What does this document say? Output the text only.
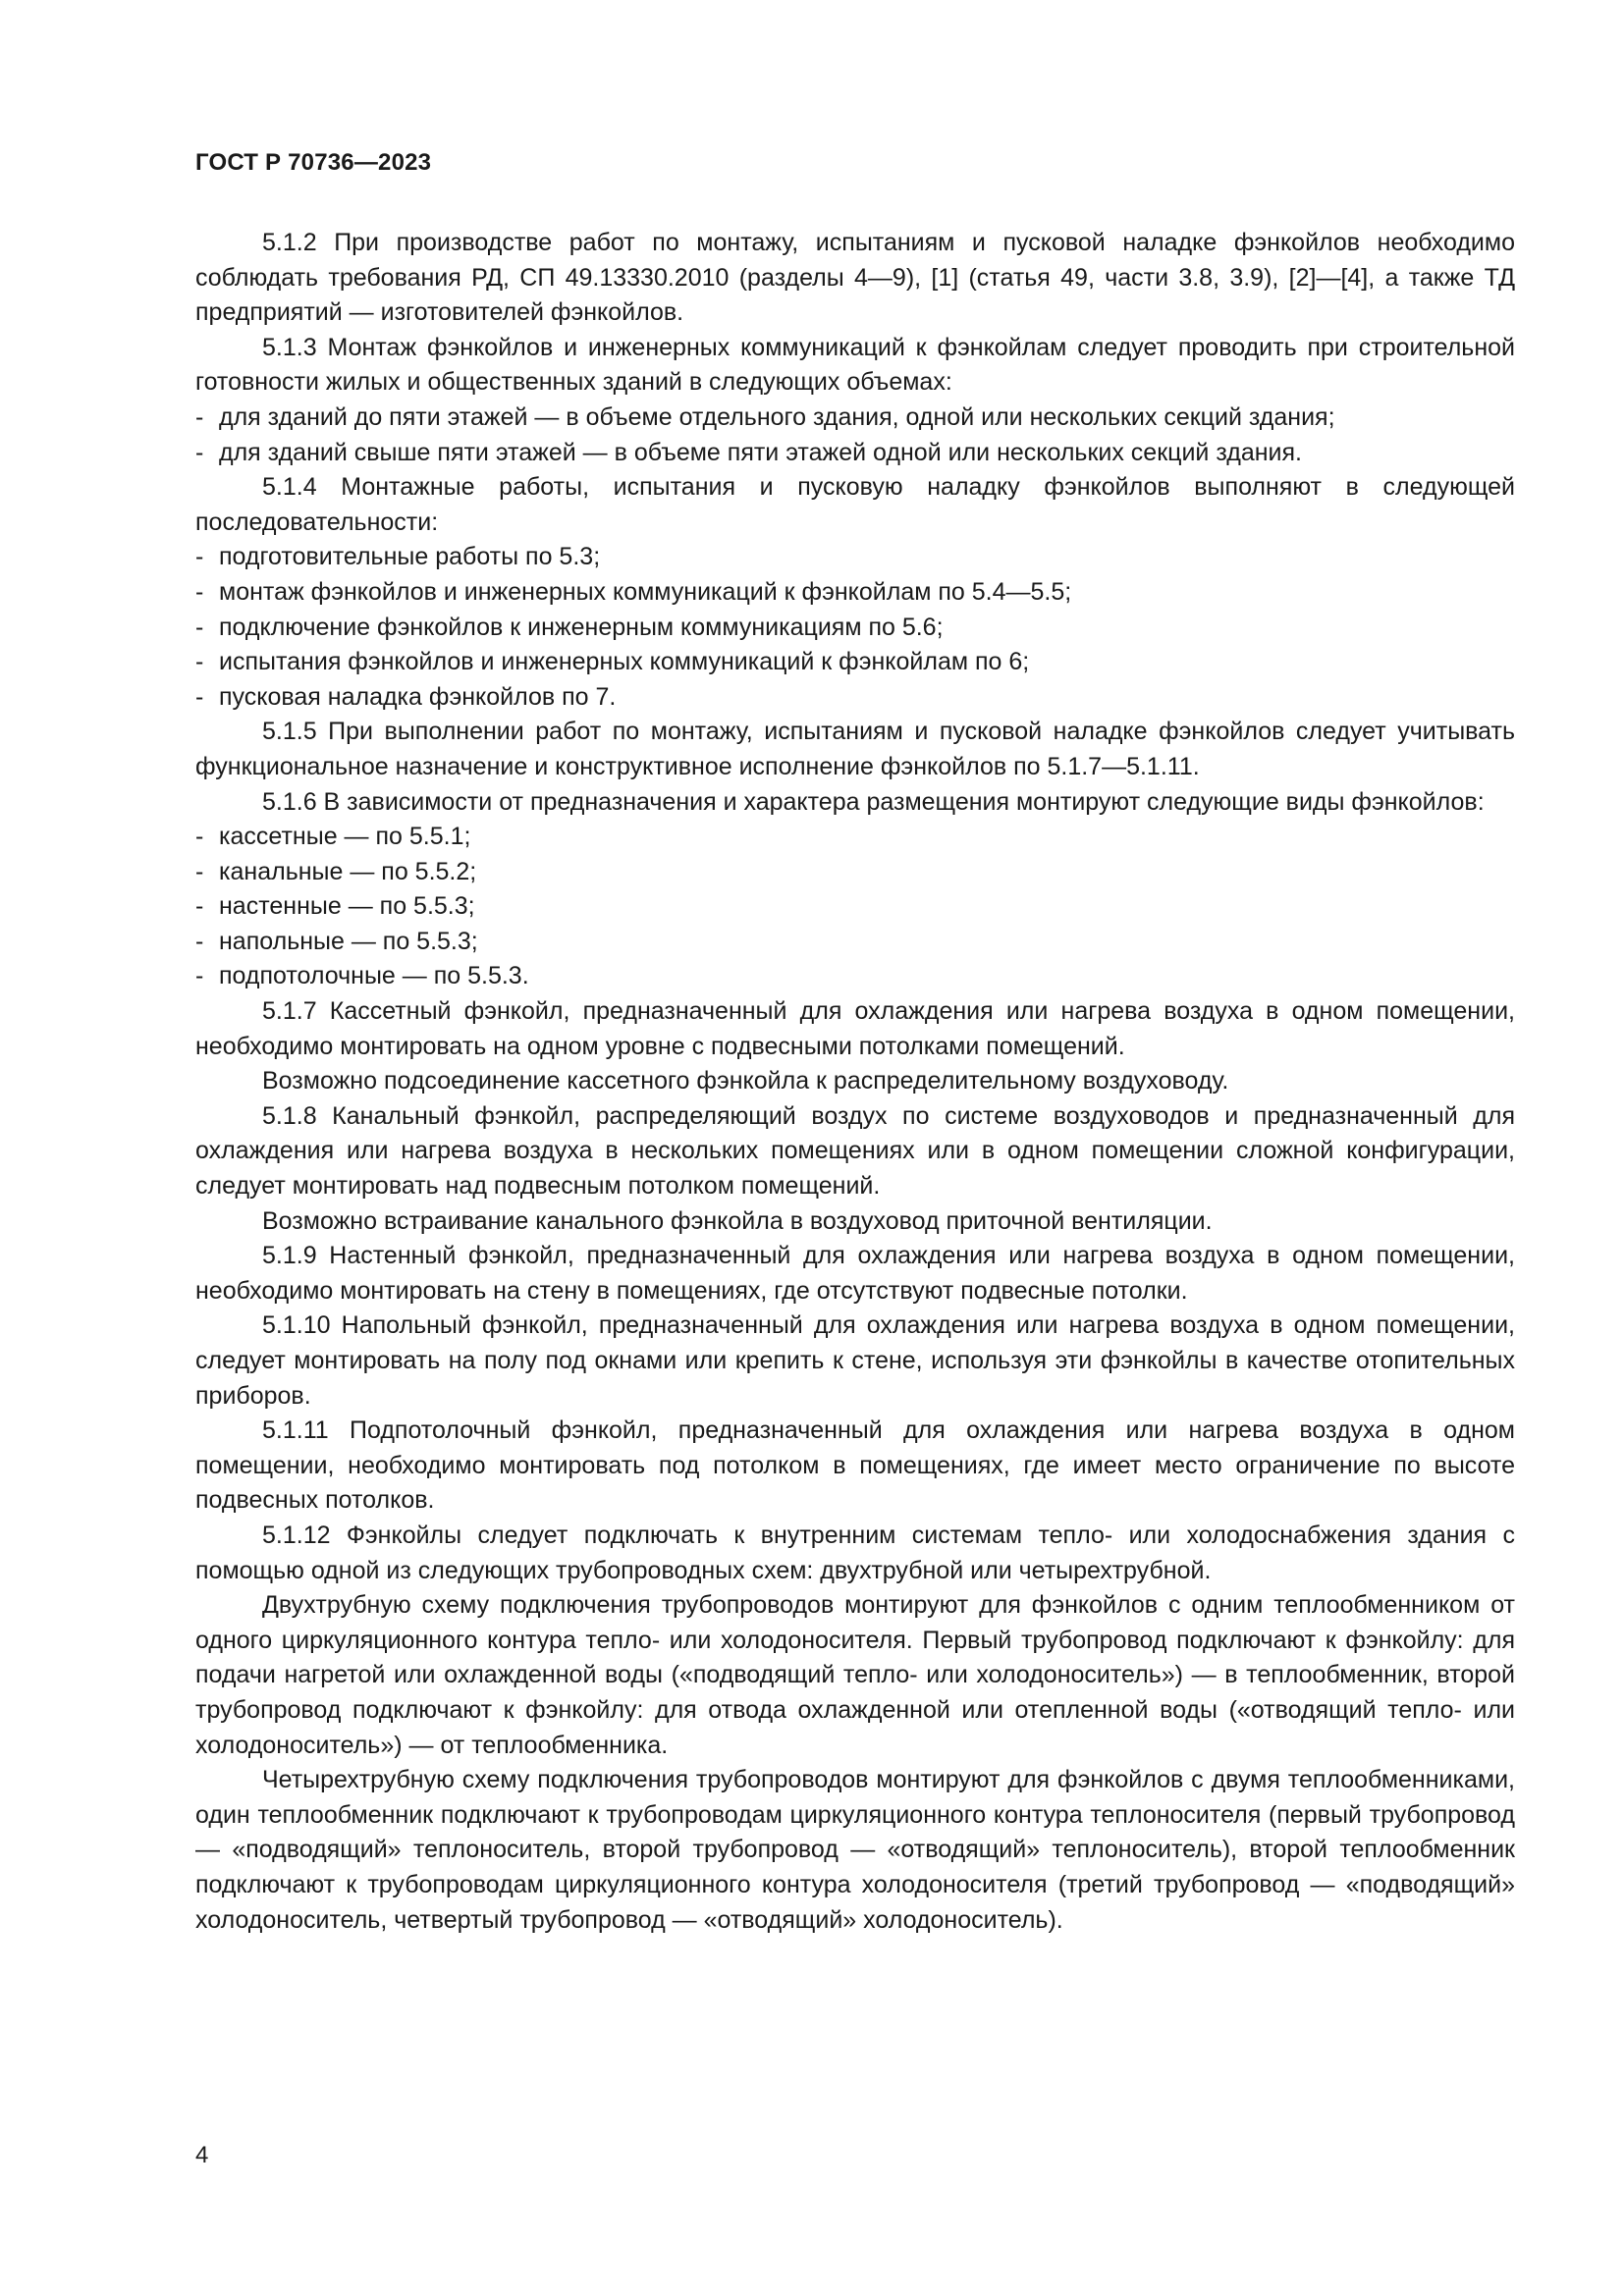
ГОСТ Р 70736—2023

5.1.2 При производстве работ по монтажу, испытаниям и пусковой наладке фэнкойлов необходимо соблюдать требования РД, СП 49.13330.2010 (разделы 4—9), [1] (статья 49, части 3.8, 3.9), [2]—[4], а также ТД предприятий — изготовителей фэнкойлов.

5.1.3 Монтаж фэнкойлов и инженерных коммуникаций к фэнкойлам следует проводить при строительной готовности жилых и общественных зданий в следующих объемах:

- для зданий до пяти этажей — в объеме отдельного здания, одной или нескольких секций здания;

- для зданий свыше пяти этажей — в объеме пяти этажей одной или нескольких секций здания.

5.1.4 Монтажные работы, испытания и пусковую наладку фэнкойлов выполняют в следующей последовательности:

- подготовительные работы по 5.3;

- монтаж фэнкойлов и инженерных коммуникаций к фэнкойлам по 5.4—5.5;

- подключение фэнкойлов к инженерным коммуникациям по 5.6;

- испытания фэнкойлов и инженерных коммуникаций к фэнкойлам по 6;

- пусковая наладка фэнкойлов по 7.

5.1.5 При выполнении работ по монтажу, испытаниям и пусковой наладке фэнкойлов следует учитывать функциональное назначение и конструктивное исполнение фэнкойлов по 5.1.7—5.1.11.

5.1.6 В зависимости от предназначения и характера размещения монтируют следующие виды фэнкойлов:

- кассетные — по 5.5.1;

- канальные — по 5.5.2;

- настенные — по 5.5.3;

- напольные — по 5.5.3;

- подпотолочные — по 5.5.3.

5.1.7 Кассетный фэнкойл, предназначенный для охлаждения или нагрева воздуха в одном помещении, необходимо монтировать на одном уровне с подвесными потолками помещений.

Возможно подсоединение кассетного фэнкойла к распределительному воздуховоду.

5.1.8 Канальный фэнкойл, распределяющий воздух по системе воздуховодов и предназначенный для охлаждения или нагрева воздуха в нескольких помещениях или в одном помещении сложной конфигурации, следует монтировать над подвесным потолком помещений.

Возможно встраивание канального фэнкойла в воздуховод приточной вентиляции.

5.1.9 Настенный фэнкойл, предназначенный для охлаждения или нагрева воздуха в одном помещении, необходимо монтировать на стену в помещениях, где отсутствуют подвесные потолки.

5.1.10 Напольный фэнкойл, предназначенный для охлаждения или нагрева воздуха в одном помещении, следует монтировать на полу под окнами или крепить к стене, используя эти фэнкойлы в качестве отопительных приборов.

5.1.11 Подпотолочный фэнкойл, предназначенный для охлаждения или нагрева воздуха в одном помещении, необходимо монтировать под потолком в помещениях, где имеет место ограничение по высоте подвесных потолков.

5.1.12 Фэнкойлы следует подключать к внутренним системам тепло- или холодоснабжения здания с помощью одной из следующих трубопроводных схем: двухтрубной или четырехтрубной.

Двухтрубную схему подключения трубопроводов монтируют для фэнкойлов с одним теплообменником от одного циркуляционного контура тепло- или холодоносителя. Первый трубопровод подключают к фэнкойлу: для подачи нагретой или охлажденной воды («подводящий тепло- или холодоноситель») — в теплообменник, второй трубопровод подключают к фэнкойлу: для отвода охлажденной или отепленной воды («отводящий тепло- или холодоноситель») — от теплообменника.

Четырехтрубную схему подключения трубопроводов монтируют для фэнкойлов с двумя теплообменниками, один теплообменник подключают к трубопроводам циркуляционного контура теплоносителя (первый трубопровод — «подводящий» теплоноситель, второй трубопровод — «отводящий» теплоноситель), второй теплообменник подключают к трубопроводам циркуляционного контура холодоносителя (третий трубопровод — «подводящий» холодоноситель, четвертый трубопровод — «отводящий» холодоноситель).

4
